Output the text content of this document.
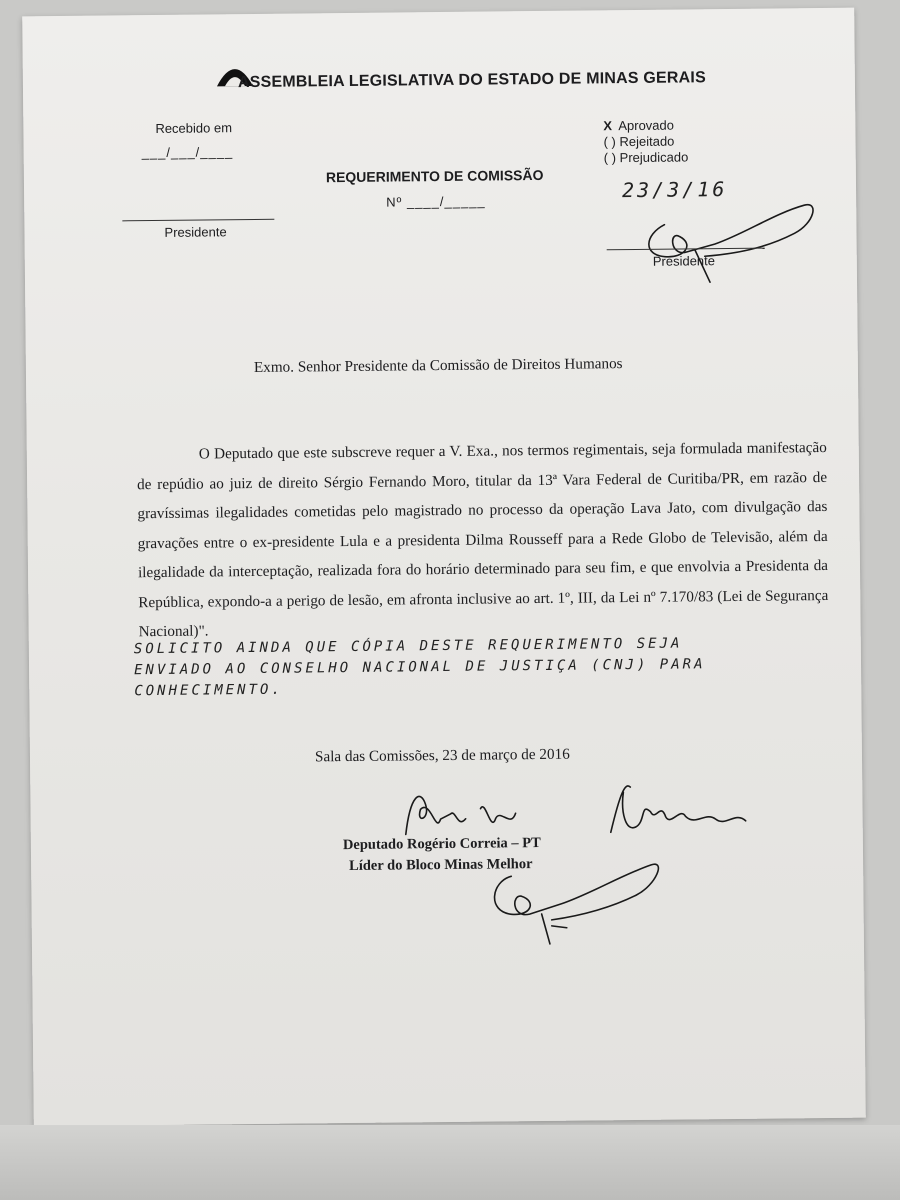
ASSEMBLEIA LEGISLATIVA DO ESTADO DE MINAS GERAIS
Recebido em
___/___/____
Presidente
REQUERIMENTO DE COMISSÃO
Nº ____/_____
X Aprovado
( ) Rejeitado
( ) Prejudicado
23/3/16
Presidente
Exmo. Senhor Presidente da Comissão de Direitos Humanos
O Deputado que este subscreve requer a V. Exa., nos termos regimentais, seja formulada manifestação de repúdio ao juiz de direito Sérgio Fernando Moro, titular da 13ª Vara Federal de Curitiba/PR, em razão de gravíssimas ilegalidades cometidas pelo magistrado no processo da operação Lava Jato, com divulgação das gravações entre o ex-presidente Lula e a presidenta Dilma Rousseff para a Rede Globo de Televisão, além da ilegalidade da interceptação, realizada fora do horário determinado para seu fim, e que envolvia a Presidenta da República, expondo-a a perigo de lesão, em afronta inclusive ao art. 1º, III, da Lei nº 7.170/83 (Lei de Segurança Nacional)".
SOLICITO AINDA QUE CÓPIA DESTE REQUERIMENTO SEJA
ENVIADO AO CONSELHO NACIONAL DE JUSTIÇA (CNJ) PARA
CONHECIMENTO.
Sala das Comissões, 23 de março de 2016
Deputado Rogério Correia – PT
Líder do Bloco Minas Melhor
